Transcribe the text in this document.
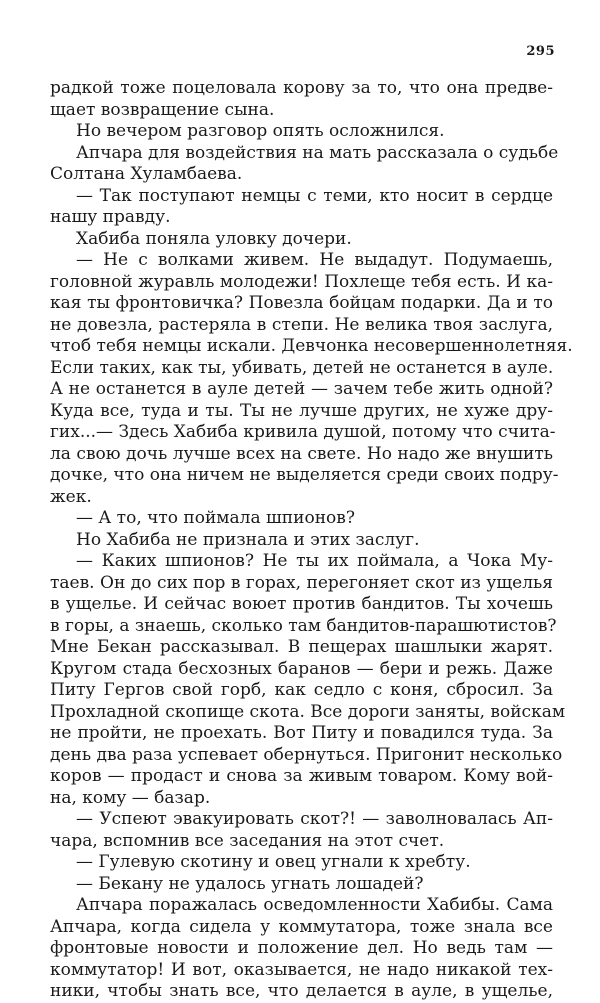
295
радкой тоже поцеловала корову за то, что она предве-
щает возвращение сына.
Но вечером разговор опять осложнился.
Апчара для воздействия на мать рассказала о судьбе
Солтана Хуламбаева.
— Так поступают немцы с теми, кто носит в сердце
нашу правду.
Хабиба поняла уловку дочери.
— Не с волками живем. Не выдадут. Подумаешь,
головной журавль молодежи! Похлеще тебя есть. И ка-
кая ты фронтовичка? Повезла бойцам подарки. Да и то
не довезла, растеряла в степи. Не велика твоя заслуга,
чтоб тебя немцы искали. Девчонка несовершеннолетняя.
Если таких, как ты, убивать, детей не останется в ауле.
А не останется в ауле детей — зачем тебе жить одной?
Куда все, туда и ты. Ты не лучше других, не хуже дру-
гих...— Здесь Хабиба кривила душой, потому что счита-
ла свою дочь лучше всех на свете. Но надо же внушить
дочке, что она ничем не выделяется среди своих подру-
жек.
— А то, что поймала шпионов?
Но Хабиба не признала и этих заслуг.
— Каких шпионов? Не ты их поймала, а Чока Му-
таев. Он до сих пор в горах, перегоняет скот из ущелья
в ущелье. И сейчас воюет против бандитов. Ты хочешь
в горы, а знаешь, сколько там бандитов-парашютистов?
Мне Бекан рассказывал. В пещерах шашлыки жарят.
Кругом стада бесхозных баранов — бери и режь. Даже
Питу Гергов свой горб, как седло с коня, сбросил. За
Прохладной скопище скота. Все дороги заняты, войскам
не пройти, не проехать. Вот Питу и повадился туда. За
день два раза успевает обернуться. Пригонит несколько
коров — продаст и снова за живым товаром. Кому вой-
на, кому — базар.
— Успеют эвакуировать скот?! — заволновалась Ап-
чара, вспомнив все заседания на этот счет.
— Гулевую скотину и овец угнали к хребту.
— Бекану не удалось угнать лошадей?
Апчара поражалась осведомленности Хабибы. Сама
Апчара, когда сидела у коммутатора, тоже знала все
фронтовые новости и положение дел. Но ведь там —
коммутатор! И вот, оказывается, не надо никакой тех-
ники, чтобы знать все, что делается в ауле, в ущелье,
